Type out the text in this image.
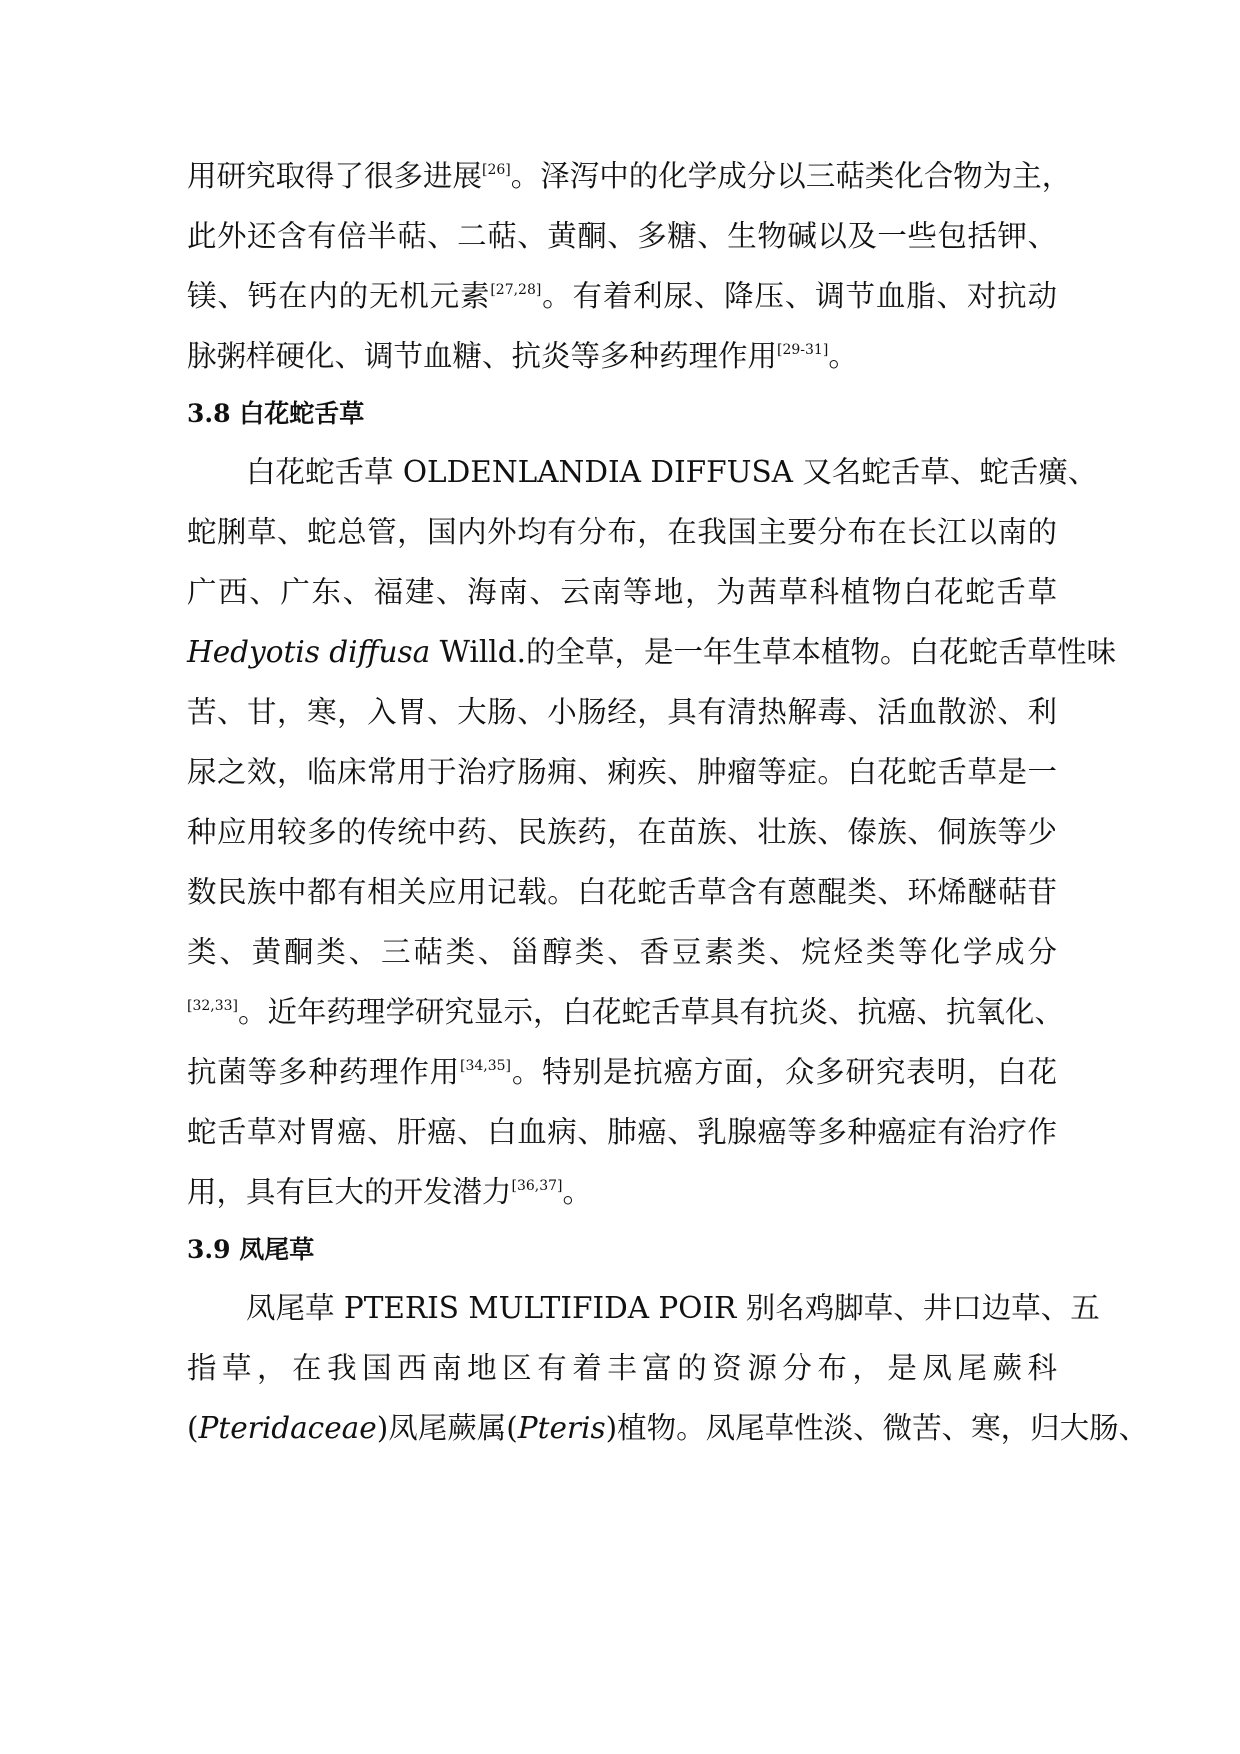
用研究取得了很多进展[26]。泽泻中的化学成分以三萜类化合物为主，
此外还含有倍半萜、二萜、黄酮、多糖、生物碱以及一些包括钾、
镁、钙在内的无机元素[27,28]。有着利尿、降压、调节血脂、对抗动
脉粥样硬化、调节血糖、抗炎等多种药理作用[29-31]。
3.8 白花蛇舌草
白花蛇舌草 OLDENLANDIA DIFFUSA 又名蛇舌草、蛇舌癀、
蛇脷草、蛇总管，国内外均有分布，在我国主要分布在长江以南的
广西、广东、福建、海南、云南等地，为茜草科植物白花蛇舌草
Hedyotis diffusa Willd.的全草，是一年生草本植物。白花蛇舌草性味
苦、甘，寒，入胃、大肠、小肠经，具有清热解毒、活血散淤、利
尿之效，临床常用于治疗肠痈、痢疾、肿瘤等症。白花蛇舌草是一
种应用较多的传统中药、民族药，在苗族、壮族、傣族、侗族等少
数民族中都有相关应用记载。白花蛇舌草含有蒽醌类、环烯醚萜苷
类、黄酮类、三萜类、甾醇类、香豆素类、烷烃类等化学成分
[32,33]。近年药理学研究显示，白花蛇舌草具有抗炎、抗癌、抗氧化、
抗菌等多种药理作用[34,35]。特别是抗癌方面，众多研究表明，白花
蛇舌草对胃癌、肝癌、白血病、肺癌、乳腺癌等多种癌症有治疗作
用，具有巨大的开发潜力[36,37]。
3.9 凤尾草
凤尾草 PTERIS MULTIFIDA POIR 别名鸡脚草、井口边草、五
指草，在我国西南地区有着丰富的资源分布，是凤尾蕨科
(Pteridaceae)凤尾蕨属(Pteris)植物。凤尾草性淡、微苦、寒，归大肠、
